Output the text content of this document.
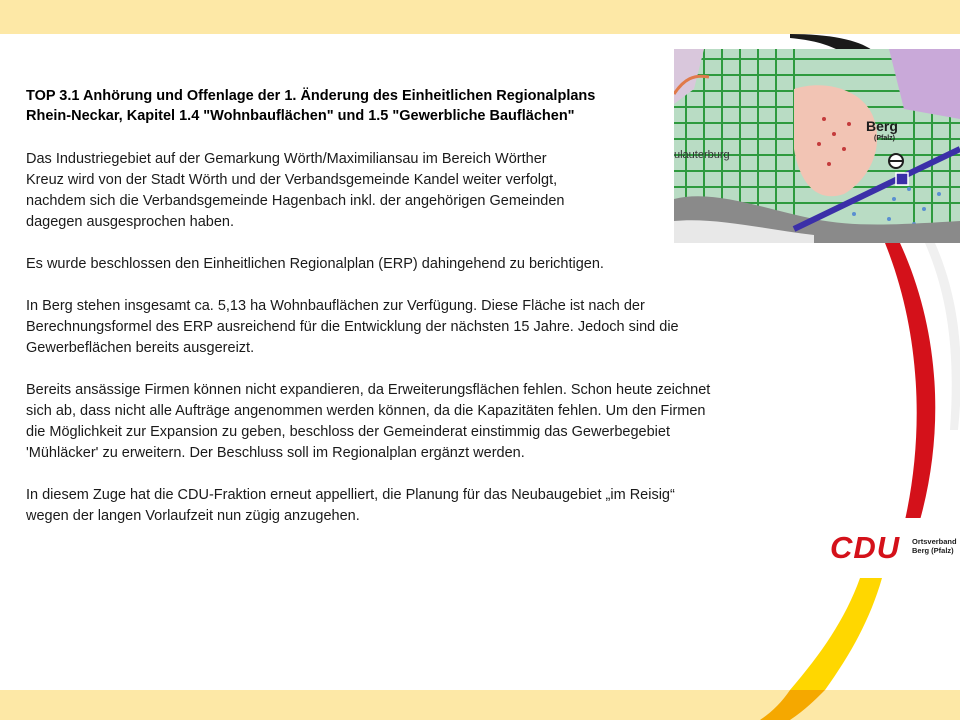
Berg
(Pfalz)
ulauterburg
TOP 3.1 Anhörung und Offenlage der 1. Änderung des Einheitlichen Regionalplans
Rhein-Neckar, Kapitel 1.4 "Wohnbauflächen" und 1.5 "Gewerbliche Bauflächen"
Das Industriegebiet auf der Gemarkung Wörth/Maximiliansau im Bereich Wörther
Kreuz wird von der Stadt Wörth und der Verbandsgemeinde Kandel weiter verfolgt,
nachdem sich die Verbandsgemeinde Hagenbach inkl. der angehörigen Gemeinden
dagegen ausgesprochen haben.
Es wurde beschlossen den Einheitlichen Regionalplan (ERP) dahingehend zu berichtigen.
In Berg stehen insgesamt ca. 5,13 ha Wohnbauflächen zur Verfügung. Diese Fläche ist nach der
Berechnungsformel des ERP ausreichend für die Entwicklung der nächsten 15 Jahre. Jedoch sind die
Gewerbeflächen bereits ausgereizt.
Bereits ansässige Firmen können nicht expandieren, da Erweiterungsflächen fehlen. Schon heute zeichnet
sich ab, dass nicht alle Aufträge angenommen werden können, da die Kapazitäten fehlen. Um den Firmen
die Möglichkeit zur Expansion zu geben, beschloss der Gemeinderat einstimmig das Gewerbegebiet
'Mühläcker' zu erweitern. Der Beschluss soll im Regionalplan ergänzt werden.
In diesem Zuge hat die CDU-Fraktion erneut appelliert, die Planung für das Neubaugebiet „im Reisig“
wegen der langen Vorlaufzeit nun zügig anzugehen.
CDU Ortsverband
Berg (Pfalz)
